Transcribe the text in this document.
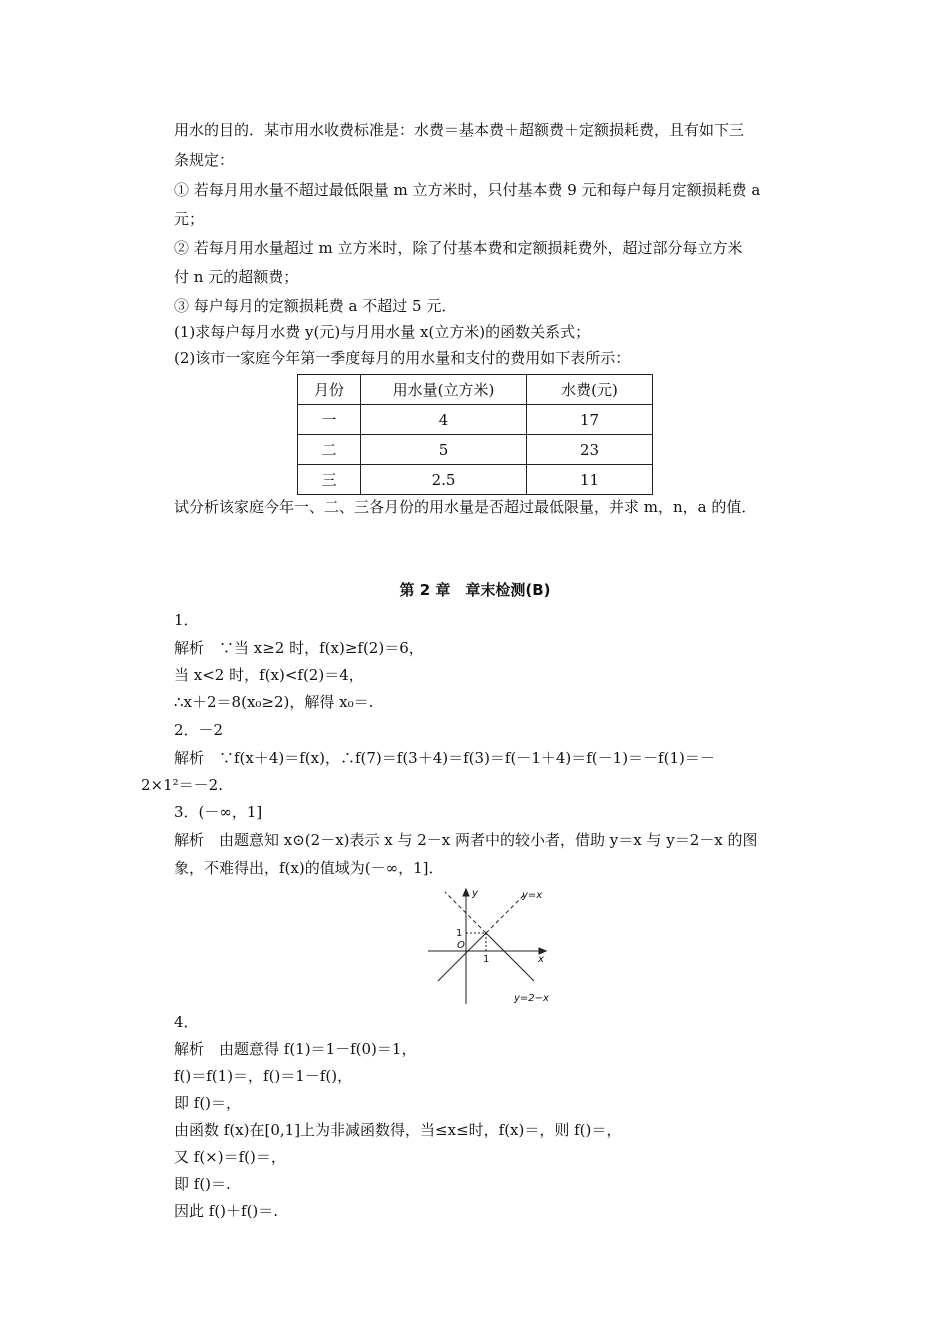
用水的目的．某市用水收费标准是：水费＝基本费＋超额费＋定额损耗费，且有如下三
条规定：
① 若每月用水量不超过最低限量 m 立方米时，只付基本费 9 元和每户每月定额损耗费 a
元；
② 若每月用水量超过 m 立方米时，除了付基本费和定额损耗费外，超过部分每立方米
付 n 元的超额费；
③ 每户每月的定额损耗费 a 不超过 5 元．
(1)求每户每月水费 y(元)与月用水量 x(立方米)的函数关系式；
(2)该市一家庭今年第一季度每月的用水量和支付的费用如下表所示：
月份	用水量(立方米)	水费(元)
一	4	17
二	5	23
三	2.5	11
试分析该家庭今年一、二、三各月份的用水量是否超过最低限量，并求 m，n，a 的值．
第 2 章　章末检测(B)
1．
解析　∵当 x≥2 时，f(x)≥f(2)＝6，
当 x<2 时，f(x)<f(2)＝4，
∴x＋2＝8(x₀≥2)，解得 x₀＝.
2．－2
解析　∵f(x＋4)＝f(x)，∴f(7)＝f(3＋4)＝f(3)＝f(－1＋4)＝f(－1)＝－f(1)＝－
2×1²＝－2.
3．(－∞，1]
解析　由题意知 x⊙(2－x)表示 x 与 2－x 两者中的较小者，借助 y＝x 与 y＝2－x 的图
象，不难得出，f(x)的值域为(－∞，1]．
y	y=x
1
O
1	x
y=2−x
4．
解析　由题意得 f(1)＝1－f(0)＝1，
f()＝f(1)＝，f()＝1－f()，
即 f()＝，
由函数 f(x)在[0,1]上为非减函数得，当≤x≤时，f(x)＝，则 f()＝，
又 f(×)＝f()＝，
即 f()＝.
因此 f()＋f()＝.
